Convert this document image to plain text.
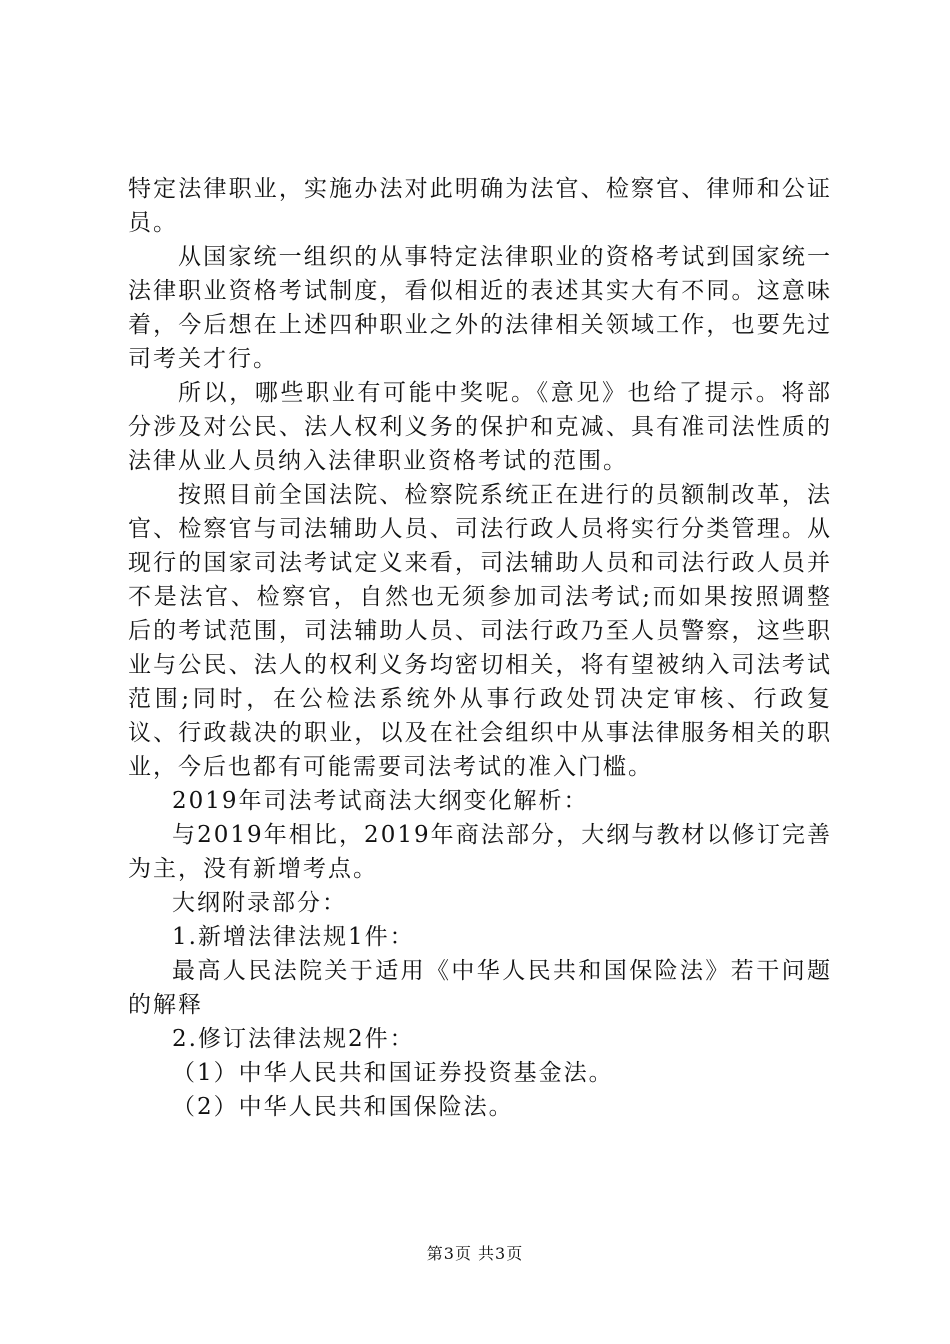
特定法律职业，实施办法对此明确为法官、检察官、律师和公证员。

从国家统一组织的从事特定法律职业的资格考试到国家统一法律职业资格考试制度，看似相近的表述其实大有不同。这意味着，今后想在上述四种职业之外的法律相关领域工作，也要先过司考关才行。

所以，哪些职业有可能中奖呢。《意见》也给了提示。将部分涉及对公民、法人权利义务的保护和克减、具有准司法性质的法律从业人员纳入法律职业资格考试的范围。

按照目前全国法院、检察院系统正在进行的员额制改革，法官、检察官与司法辅助人员、司法行政人员将实行分类管理。从现行的国家司法考试定义来看，司法辅助人员和司法行政人员并不是法官、检察官，自然也无须参加司法考试;而如果按照调整后的考试范围，司法辅助人员、司法行政乃至人员警察，这些职业与公民、法人的权利义务均密切相关，将有望被纳入司法考试范围;同时，在公检法系统外从事行政处罚决定审核、行政复议、行政裁决的职业，以及在社会组织中从事法律服务相关的职业，今后也都有可能需要司法考试的准入门槛。

2019年司法考试商法大纲变化解析：

与2019年相比，2019年商法部分，大纲与教材以修订完善为主，没有新增考点。

大纲附录部分：

1.新增法律法规1件：

最高人民法院关于适用《中华人民共和国保险法》若干问题的解释

2.修订法律法规2件：

（1）中华人民共和国证券投资基金法。

（2）中华人民共和国保险法。

第3页 共3页
